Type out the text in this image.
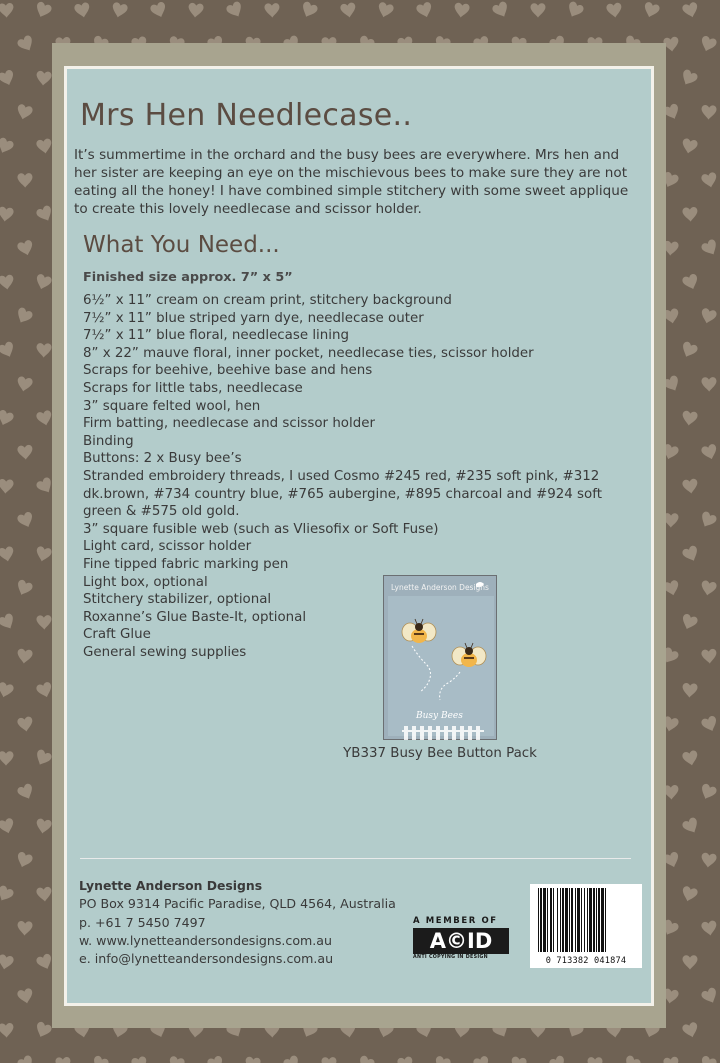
Mrs Hen Needlecase..

It’s summertime in the orchard and the busy bees are everywhere. Mrs hen and her sister are keeping an eye on the mischievous bees to make sure they are not eating all the honey! I have combined simple stitchery with some sweet applique to create this lovely needlecase and scissor holder.

What You Need...

Finished size approx. 7” x 5”

6½” x 11” cream on cream print, stitchery background
7½” x 11” blue striped yarn dye, needlecase outer
7½” x 11” blue floral, needlecase lining
8” x 22” mauve floral, inner pocket, needlecase ties, scissor holder
Scraps for beehive, beehive base and hens
Scraps for little tabs, needlecase
3” square felted wool, hen
Firm batting, needlecase and scissor holder
Binding
Buttons: 2 x Busy bee’s
Stranded embroidery threads, I used Cosmo #245 red, #235 soft pink, #312 dk.brown, #734 country blue, #765 aubergine, #895 charcoal and #924 soft green & #575 old gold.
3” square fusible web (such as Vliesofix or Soft Fuse)
Light card, scissor holder
Fine tipped fabric marking pen
Light box, optional
Stitchery stabilizer, optional
Roxanne’s Glue Baste-It, optional
Craft Glue
General sewing supplies
Lynette Anderson Designs
Busy Bees
YB337 Busy Bee Button Pack
Lynette Anderson Designs
PO Box 9314 Pacific Paradise, QLD 4564, Australia
p. +61 7 5450 7497
w. www.lynetteandersondesigns.com.au
e. info@lynetteandersondesigns.com.au
A MEMBER OF
A©ID
ANTI COPYING IN DESIGN	0 713382 041874
